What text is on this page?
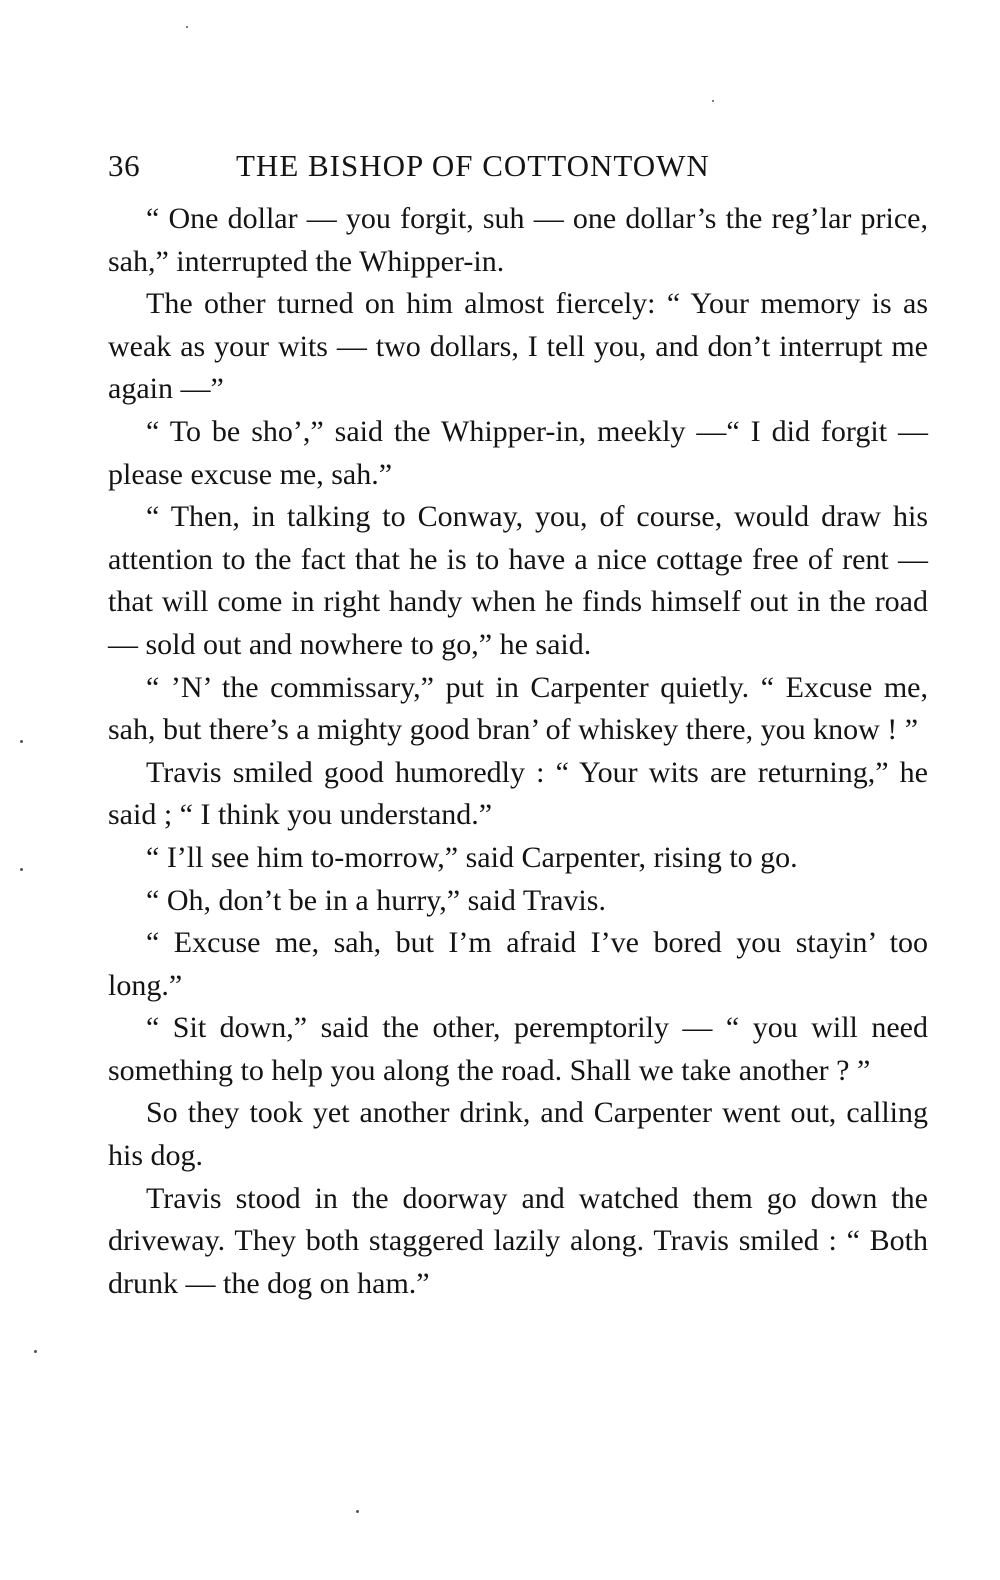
36	THE BISHOP OF COTTONTOWN

“ One dollar — you forgit, suh — one dollar’s the reg’lar price, sah,” interrupted the Whipper-in.

The other turned on him almost fiercely: “ Your memory is as weak as your wits — two dollars, I tell you, and don’t interrupt me again —”

“ To be sho’,” said the Whipper-in, meekly —“ I did forgit — please excuse me, sah.”

“ Then, in talking to Conway, you, of course, would draw his attention to the fact that he is to have a nice cottage free of rent — that will come in right handy when he finds himself out in the road — sold out and nowhere to go,” he said.

“ ’N’ the commissary,” put in Carpenter quietly. “ Excuse me, sah, but there’s a mighty good bran’ of whiskey there, you know ! ”

Travis smiled good humoredly : “ Your wits are returning,” he said ; “ I think you understand.”

“ I’ll see him to-morrow,” said Carpenter, rising to go.

“ Oh, don’t be in a hurry,” said Travis.

“ Excuse me, sah, but I’m afraid I’ve bored you stayin’ too long.”

“ Sit down,” said the other, peremptorily — “ you will need something to help you along the road. Shall we take another ? ”

So they took yet another drink, and Carpenter went out, calling his dog.

Travis stood in the doorway and watched them go down the driveway. They both staggered lazily along. Travis smiled : “ Both drunk — the dog on ham.”
